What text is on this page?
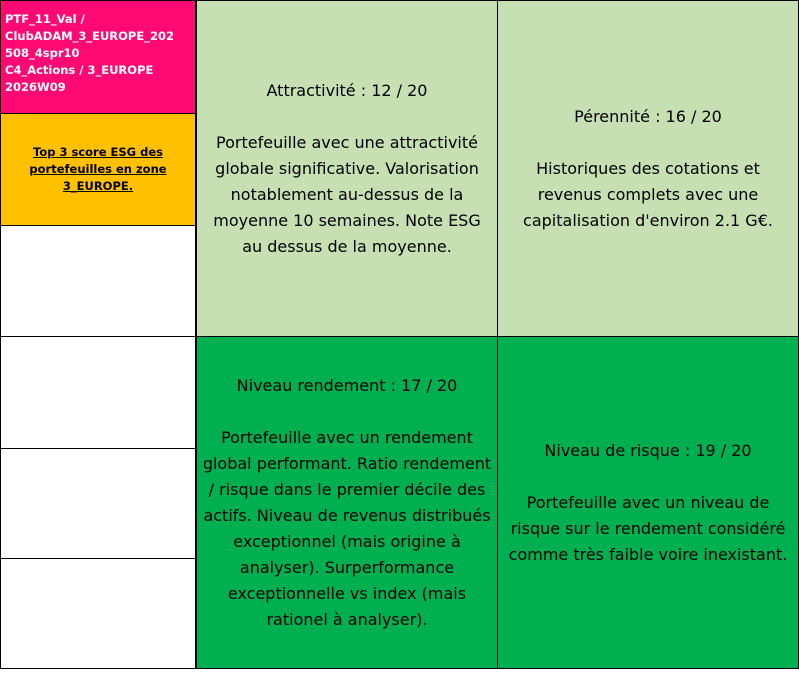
PTF_11_Val /
ClubADAM_3_EUROPE_202
508_4spr10
C4_Actions / 3_EUROPE
2026W09
Top 3 score ESG des portefeuilles en zone 3_EUROPE.
Attractivité : 12 / 20
Portefeuille avec une attractivité globale significative. Valorisation notablement au-dessus de la moyenne 10 semaines. Note ESG au dessus de la moyenne.
Pérennité : 16 / 20
Historiques des cotations et revenus complets avec une capitalisation d'environ 2.1 G€.
Niveau rendement : 17 / 20
Portefeuille avec un rendement global performant. Ratio rendement / risque dans le premier décile des actifs. Niveau de revenus distribués exceptionnel (mais origine à analyser). Surperformance exceptionnelle vs index (mais rationel à analyser).
Niveau de risque : 19 / 20
Portefeuille avec un niveau de risque sur le rendement considéré comme très faible voire inexistant.
